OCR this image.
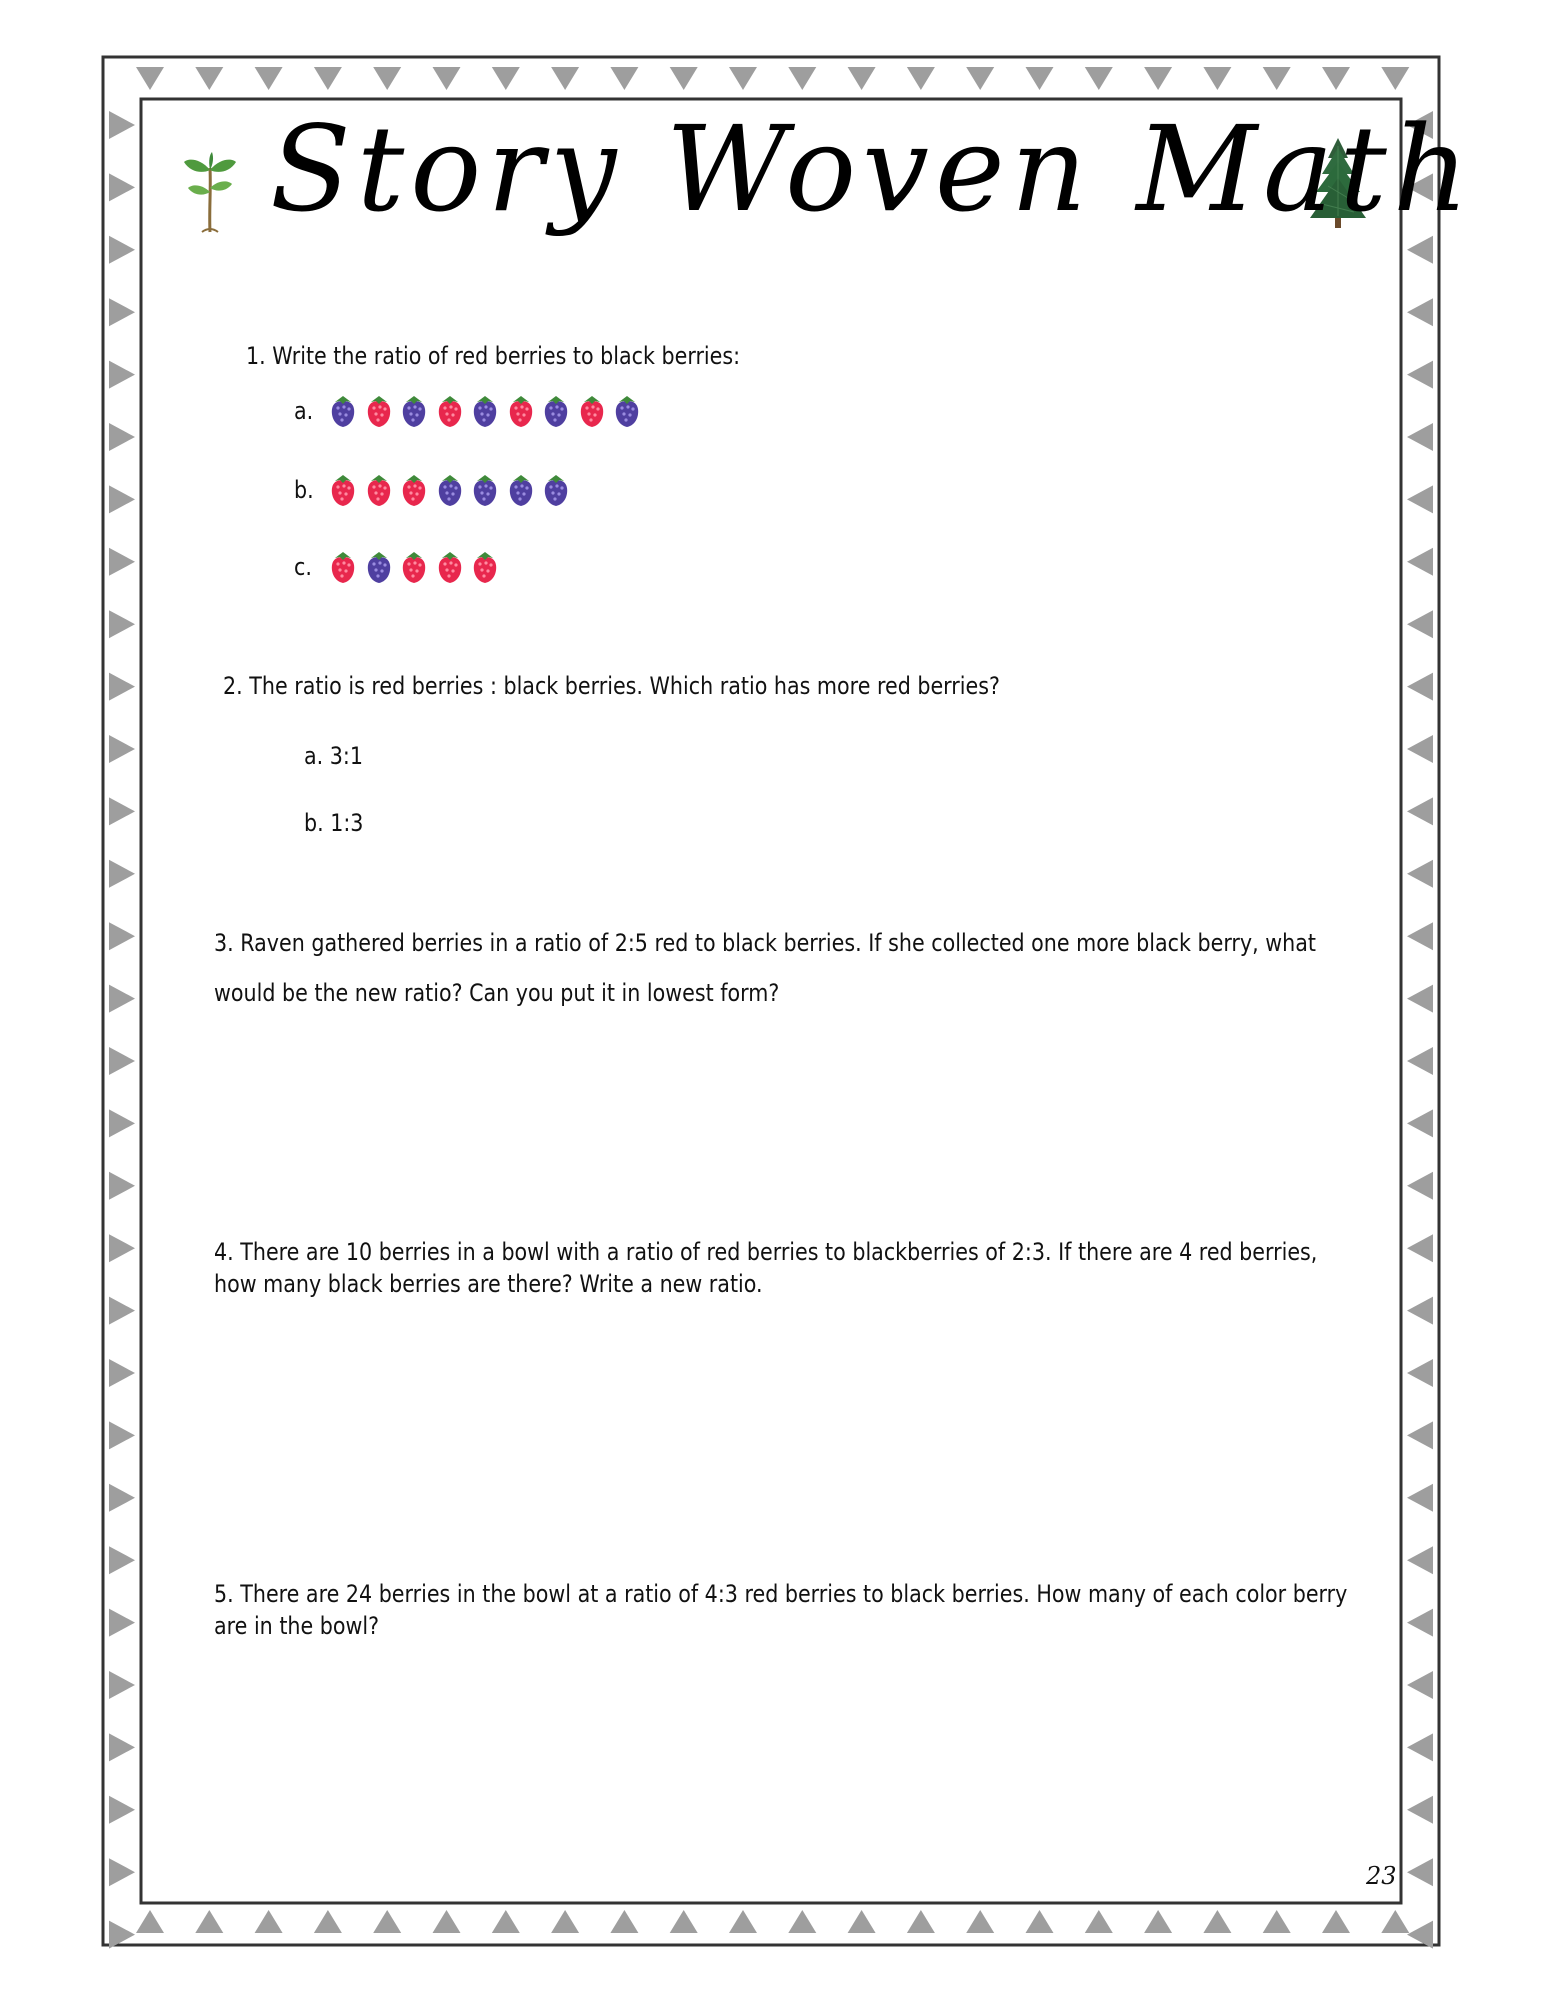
Story Woven Math
1. Write the ratio of red berries to black berries:
a.
b.
c.
2. The ratio is red berries : black berries. Which ratio has more red berries?
a. 3:1
b. 1:3
3. Raven gathered berries in a ratio of 2:5 red to black berries. If she collected one more black berry, what
would be the new ratio? Can you put it in lowest form?
4. There are 10 berries in a bowl with a ratio of red berries to blackberries of 2:3. If there are 4 red berries,
how many black berries are there? Write a new ratio.
5. There are 24 berries in the bowl at a ratio of 4:3 red berries to black berries. How many of each color berry
are in the bowl?
23
